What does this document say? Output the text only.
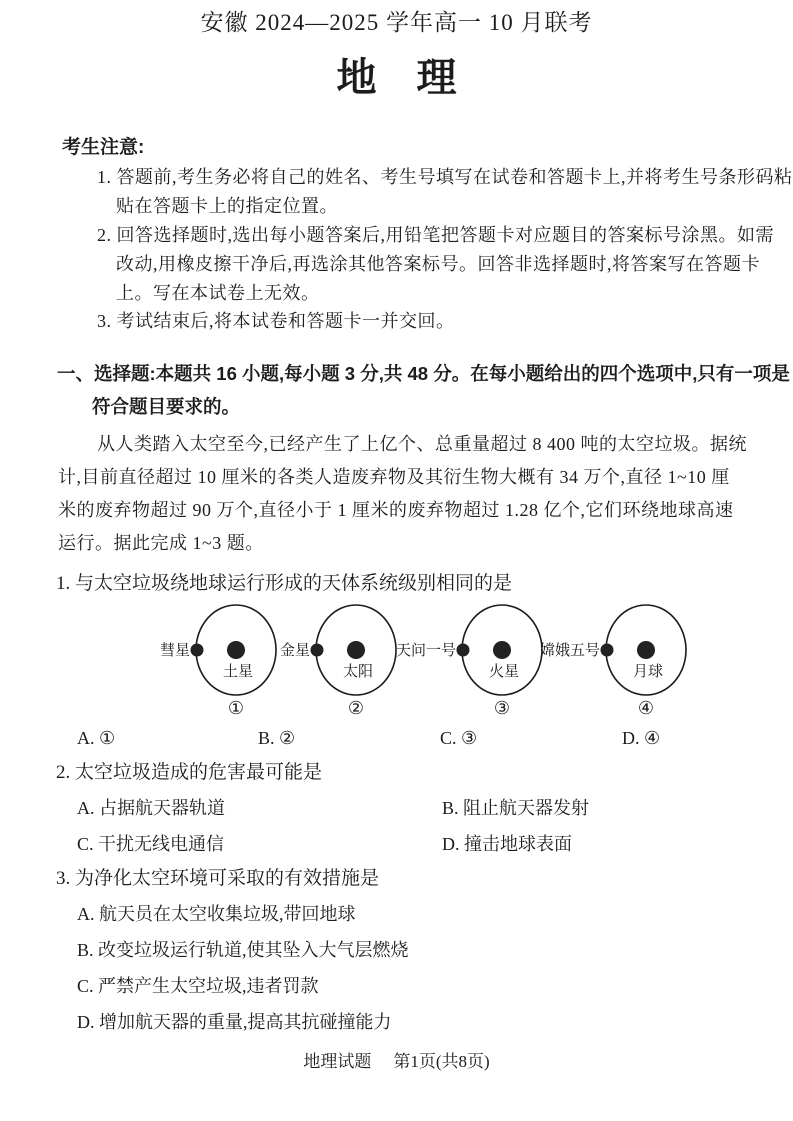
安徽 2024—2025 学年高一 10 月联考
地　理
考生注意:
1. 答题前,考生务必将自己的姓名、考生号填写在试卷和答题卡上,并将考生号条形码粘
贴在答题卡上的指定位置。
2. 回答选择题时,选出每小题答案后,用铅笔把答题卡对应题目的答案标号涂黑。如需
改动,用橡皮擦干净后,再选涂其他答案标号。回答非选择题时,将答案写在答题卡
上。写在本试卷上无效。
3. 考试结束后,将本试卷和答题卡一并交回。
一、选择题:本题共 16 小题,每小题 3 分,共 48 分。在每小题给出的四个选项中,只有一项是
符合题目要求的。
从人类踏入太空至今,已经产生了上亿个、总重量超过 8 400 吨的太空垃圾。据统
计,目前直径超过 10 厘米的各类人造废弃物及其衍生物大概有 34 万个,直径 1~10 厘
米的废弃物超过 90 万个,直径小于 1 厘米的废弃物超过 1.28 亿个,它们环绕地球高速
运行。据此完成 1~3 题。
1. 与太空垃圾绕地球运行形成的天体系统级别相同的是
彗星
土星
①
金星
太阳
②
天问一号
火星
③
嫦娥五号
月球
④
A. ①	B. ②	C. ③	D. ④
2. 太空垃圾造成的危害最可能是
A. 占据航天器轨道	B. 阻止航天器发射
C. 干扰无线电通信	D. 撞击地球表面
3. 为净化太空环境可采取的有效措施是
A. 航天员在太空收集垃圾,带回地球
B. 改变垃圾运行轨道,使其坠入大气层燃烧
C. 严禁产生太空垃圾,违者罚款
D. 增加航天器的重量,提高其抗碰撞能力
地理试题 第1页(共8页)
